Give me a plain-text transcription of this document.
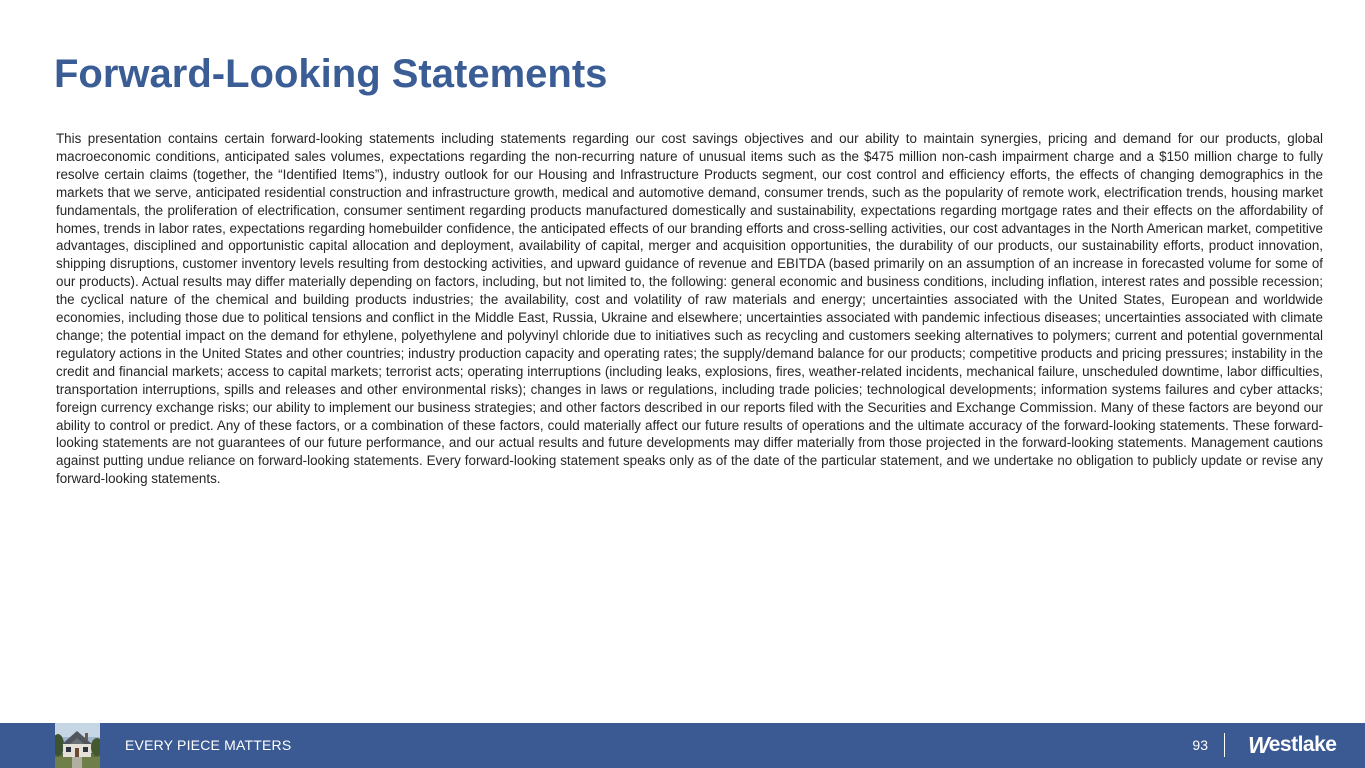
Forward-Looking Statements

This presentation contains certain forward-looking statements including statements regarding our cost savings objectives and our ability to maintain synergies, pricing and demand for our products, global macroeconomic conditions, anticipated sales volumes, expectations regarding the non-recurring nature of unusual items such as the $475 million non-cash impairment charge and a $150 million charge to fully resolve certain claims (together, the “Identified Items”), industry outlook for our Housing and Infrastructure Products segment, our cost control and efficiency efforts, the effects of changing demographics in the markets that we serve, anticipated residential construction and infrastructure growth, medical and automotive demand, consumer trends, such as the popularity of remote work, electrification trends, housing market fundamentals, the proliferation of electrification, consumer sentiment regarding products manufactured domestically and sustainability, expectations regarding mortgage rates and their effects on the affordability of homes, trends in labor rates, expectations regarding homebuilder confidence, the anticipated effects of our branding efforts and cross-selling activities, our cost advantages in the North American market, competitive advantages, disciplined and opportunistic capital allocation and deployment, availability of capital, merger and acquisition opportunities, the durability of our products, our sustainability efforts, product innovation, shipping disruptions, customer inventory levels resulting from destocking activities, and upward guidance of revenue and EBITDA (based primarily on an assumption of an increase in forecasted volume for some of our products). Actual results may differ materially depending on factors, including, but not limited to, the following: general economic and business conditions, including inflation, interest rates and possible recession; the cyclical nature of the chemical and building products industries; the availability, cost and volatility of raw materials and energy; uncertainties associated with the United States, European and worldwide economies, including those due to political tensions and conflict in the Middle East, Russia, Ukraine and elsewhere; uncertainties associated with pandemic infectious diseases; uncertainties associated with climate change; the potential impact on the demand for ethylene, polyethylene and polyvinyl chloride due to initiatives such as recycling and customers seeking alternatives to polymers; current and potential governmental regulatory actions in the United States and other countries; industry production capacity and operating rates; the supply/demand balance for our products; competitive products and pricing pressures; instability in the credit and financial markets; access to capital markets; terrorist acts; operating interruptions (including leaks, explosions, fires, weather-related incidents, mechanical failure, unscheduled downtime, labor difficulties, transportation interruptions, spills and releases and other environmental risks); changes in laws or regulations, including trade policies; technological developments; information systems failures and cyber attacks; foreign currency exchange risks; our ability to implement our business strategies; and other factors described in our reports filed with the Securities and Exchange Commission. Many of these factors are beyond our ability to control or predict. Any of these factors, or a combination of these factors, could materially affect our future results of operations and the ultimate accuracy of the forward-looking statements. These forward-looking statements are not guarantees of our future performance, and our actual results and future developments may differ materially from those projected in the forward-looking statements. Management cautions against putting undue reliance on forward-looking statements. Every forward-looking statement speaks only as of the date of the particular statement, and we undertake no obligation to publicly update or revise any forward-looking statements.

EVERY PIECE MATTERS	93 W estlake
